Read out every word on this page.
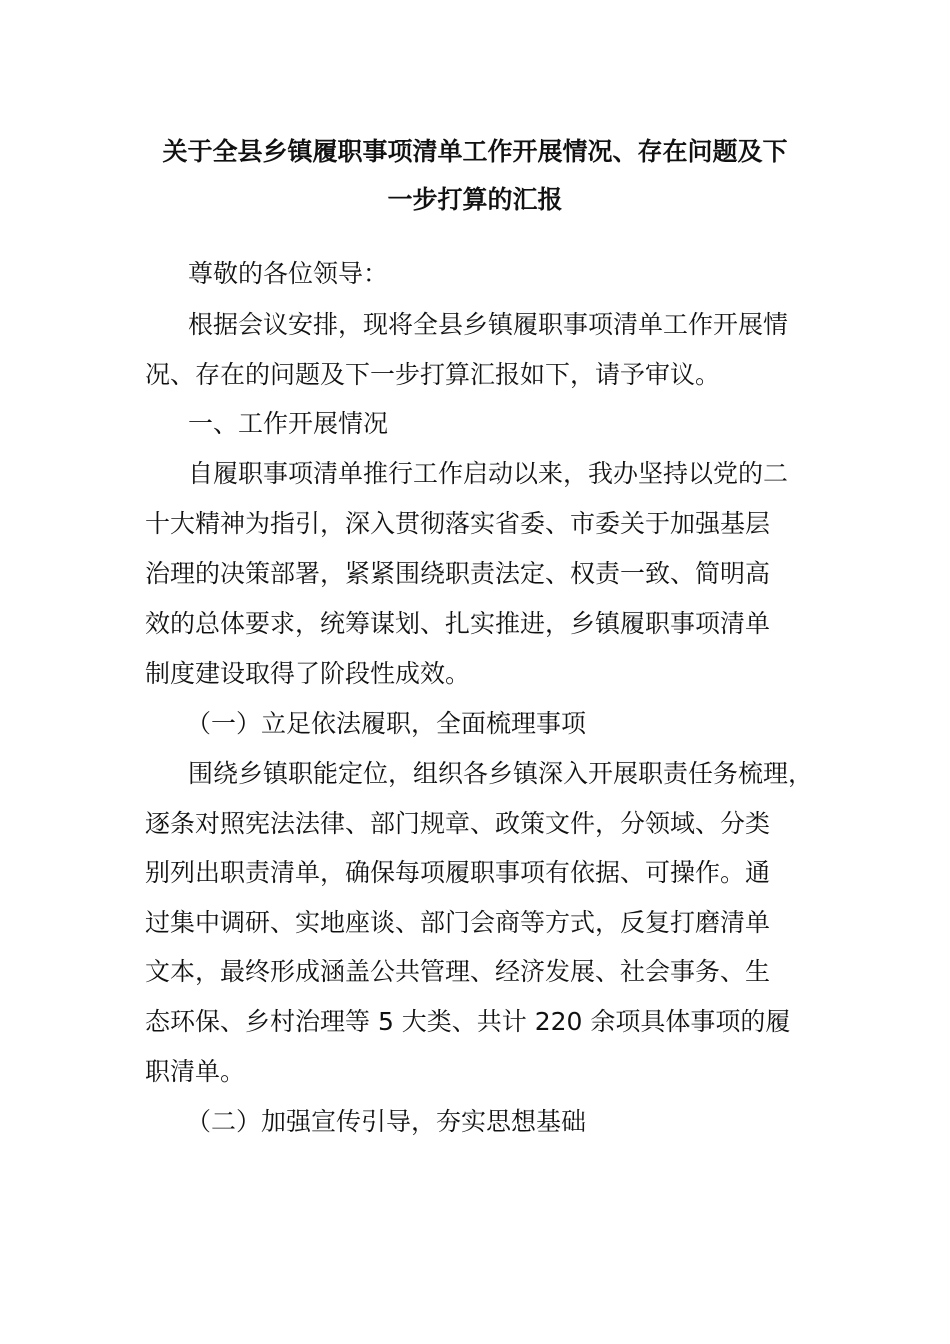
关于全县乡镇履职事项清单工作开展情况、存在问题及下
一步打算的汇报
尊敬的各位领导：
根据会议安排，现将全县乡镇履职事项清单工作开展情
况、存在的问题及下一步打算汇报如下，请予审议。
一、工作开展情况
自履职事项清单推行工作启动以来，我办坚持以党的二
十大精神为指引，深入贯彻落实省委、市委关于加强基层
治理的决策部署，紧紧围绕职责法定、权责一致、简明高
效的总体要求，统筹谋划、扎实推进，乡镇履职事项清单
制度建设取得了阶段性成效。
（一）立足依法履职，全面梳理事项
围绕乡镇职能定位，组织各乡镇深入开展职责任务梳理，
逐条对照宪法法律、部门规章、政策文件，分领域、分类
别列出职责清单，确保每项履职事项有依据、可操作。通
过集中调研、实地座谈、部门会商等方式，反复打磨清单
文本，最终形成涵盖公共管理、经济发展、社会事务、生
态环保、乡村治理等 5 大类、共计 220 余项具体事项的履
职清单。
（二）加强宣传引导，夯实思想基础
